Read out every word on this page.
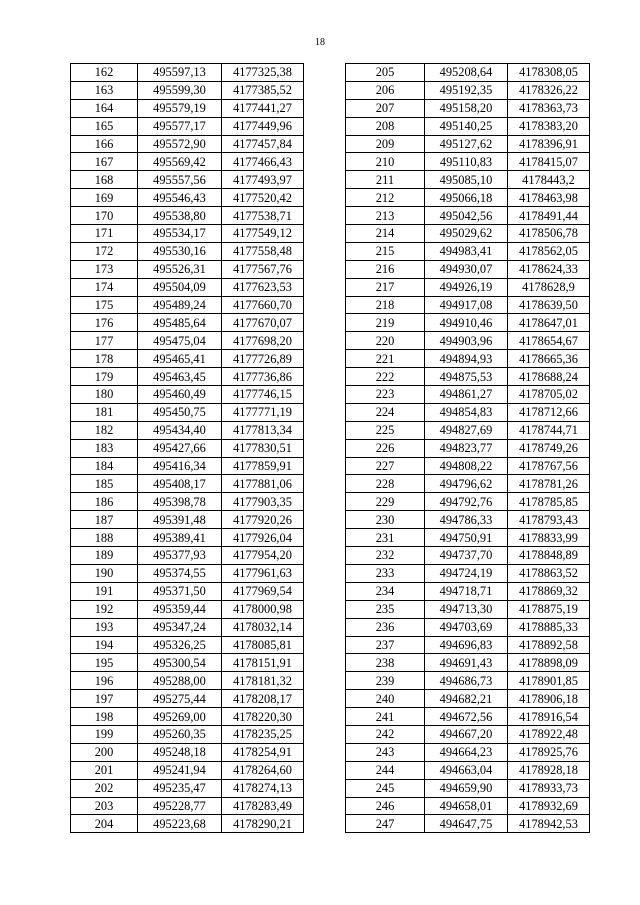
18
162	495597,13	4177325,38
163	495599,30	4177385,52
164	495579,19	4177441,27
165	495577,17	4177449,96
166	495572,90	4177457,84
167	495569,42	4177466,43
168	495557,56	4177493,97
169	495546,43	4177520,42
170	495538,80	4177538,71
171	495534,17	4177549,12
172	495530,16	4177558,48
173	495526,31	4177567,76
174	495504,09	4177623,53
175	495489,24	4177660,70
176	495485,64	4177670,07
177	495475,04	4177698,20
178	495465,41	4177726,89
179	495463,45	4177736,86
180	495460,49	4177746,15
181	495450,75	4177771,19
182	495434,40	4177813,34
183	495427,66	4177830,51
184	495416,34	4177859,91
185	495408,17	4177881,06
186	495398,78	4177903,35
187	495391,48	4177920,26
188	495389,41	4177926,04
189	495377,93	4177954,20
190	495374,55	4177961,63
191	495371,50	4177969,54
192	495359,44	4178000,98
193	495347,24	4178032,14
194	495326,25	4178085,81
195	495300,54	4178151,91
196	495288,00	4178181,32
197	495275,44	4178208,17
198	495269,00	4178220,30
199	495260,35	4178235,25
200	495248,18	4178254,91
201	495241,94	4178264,60
202	495235,47	4178274,13
203	495228,77	4178283,49
204	495223,68	4178290,21
205	495208,64	4178308,05
206	495192,35	4178326,22
207	495158,20	4178363,73
208	495140,25	4178383,20
209	495127,62	4178396,91
210	495110,83	4178415,07
211	495085,10	4178443,2
212	495066,18	4178463,98
213	495042,56	4178491,44
214	495029,62	4178506,78
215	494983,41	4178562,05
216	494930,07	4178624,33
217	494926,19	4178628,9
218	494917,08	4178639,50
219	494910,46	4178647,01
220	494903,96	4178654,67
221	494894,93	4178665,36
222	494875,53	4178688,24
223	494861,27	4178705,02
224	494854,83	4178712,66
225	494827,69	4178744,71
226	494823,77	4178749,26
227	494808,22	4178767,56
228	494796,62	4178781,26
229	494792,76	4178785,85
230	494786,33	4178793,43
231	494750,91	4178833,99
232	494737,70	4178848,89
233	494724,19	4178863,52
234	494718,71	4178869,32
235	494713,30	4178875,19
236	494703,69	4178885,33
237	494696,83	4178892,58
238	494691,43	4178898,09
239	494686,73	4178901,85
240	494682,21	4178906,18
241	494672,56	4178916,54
242	494667,20	4178922,48
243	494664,23	4178925,76
244	494663,04	4178928,18
245	494659,90	4178933,73
246	494658,01	4178932,69
247	494647,75	4178942,53
